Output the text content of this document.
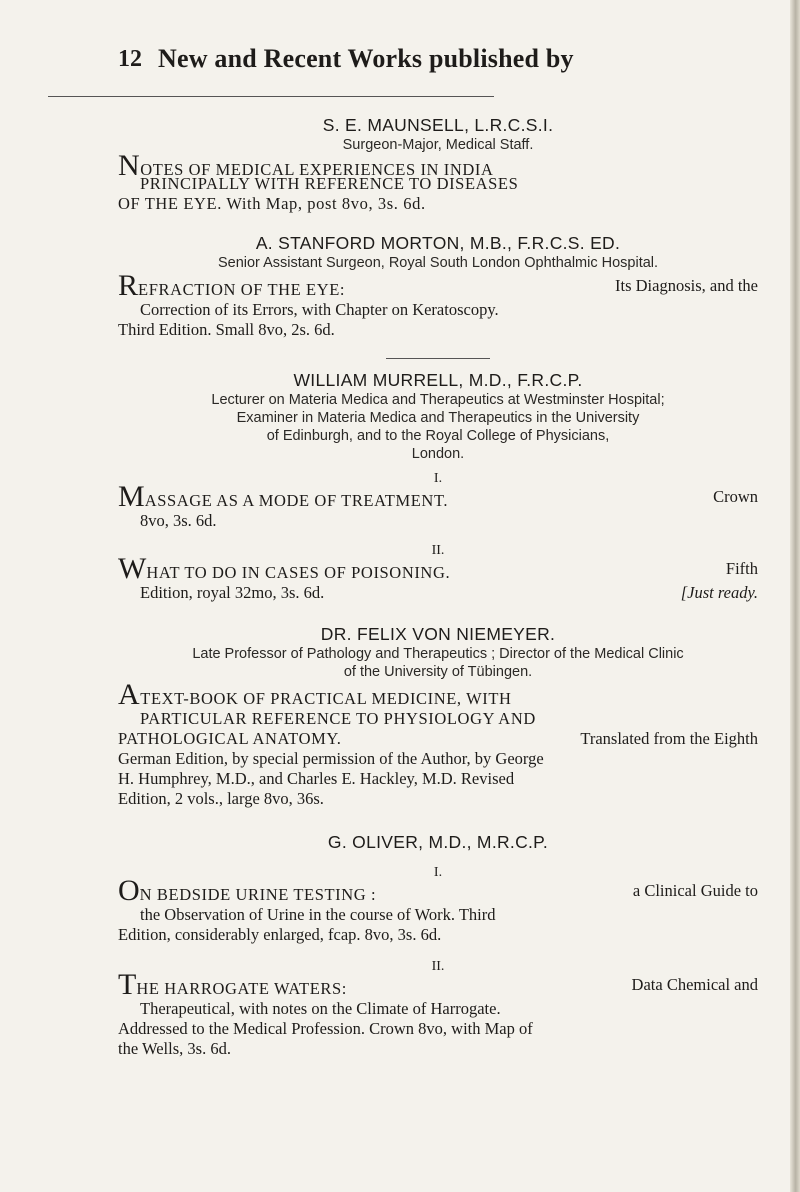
12 New and Recent Works published by
S. E. MAUNSELL, L.R.C.S.I.
Surgeon-Major, Medical Staff.
NOTES OF MEDICAL EXPERIENCES IN INDIA
PRINCIPALLY WITH REFERENCE TO DISEASES
OF THE EYE. With Map, post 8vo, 3s. 6d.
A. STANFORD MORTON, M.B., F.R.C.S. ED.
Senior Assistant Surgeon, Royal South London Ophthalmic Hospital.
REFRACTION OF THE EYE:	Its Diagnosis, and the
Correction of its Errors, with Chapter on Keratoscopy.
Third Edition. Small 8vo, 2s. 6d.
WILLIAM MURRELL, M.D., F.R.C.P.
Lecturer on Materia Medica and Therapeutics at Westminster Hospital;
Examiner in Materia Medica and Therapeutics in the University
of Edinburgh, and to the Royal College of Physicians,
London.
I.
MASSAGE AS A MODE OF TREATMENT.	Crown
8vo, 3s. 6d.
II.
WHAT TO DO IN CASES OF POISONING.	Fifth
Edition, royal 32mo, 3s. 6d.	[Just ready.
DR. FELIX VON NIEMEYER.
Late Professor of Pathology and Therapeutics ; Director of the Medical Clinic
of the University of Tübingen.
ATEXT-BOOK OF PRACTICAL MEDICINE, WITH
PARTICULAR REFERENCE TO PHYSIOLOGY AND
PATHOLOGICAL ANATOMY.	Translated from the Eighth
German Edition, by special permission of the Author, by George
H. Humphrey, M.D., and Charles E. Hackley, M.D. Revised
Edition, 2 vols., large 8vo, 36s.
G. OLIVER, M.D., M.R.C.P.
I.
ON BEDSIDE URINE TESTING :	a Clinical Guide to
the Observation of Urine in the course of Work. Third
Edition, considerably enlarged, fcap. 8vo, 3s. 6d.
II.
THE HARROGATE WATERS:	Data Chemical and
Therapeutical, with notes on the Climate of Harrogate.
Addressed to the Medical Profession. Crown 8vo, with Map of
the Wells, 3s. 6d.
